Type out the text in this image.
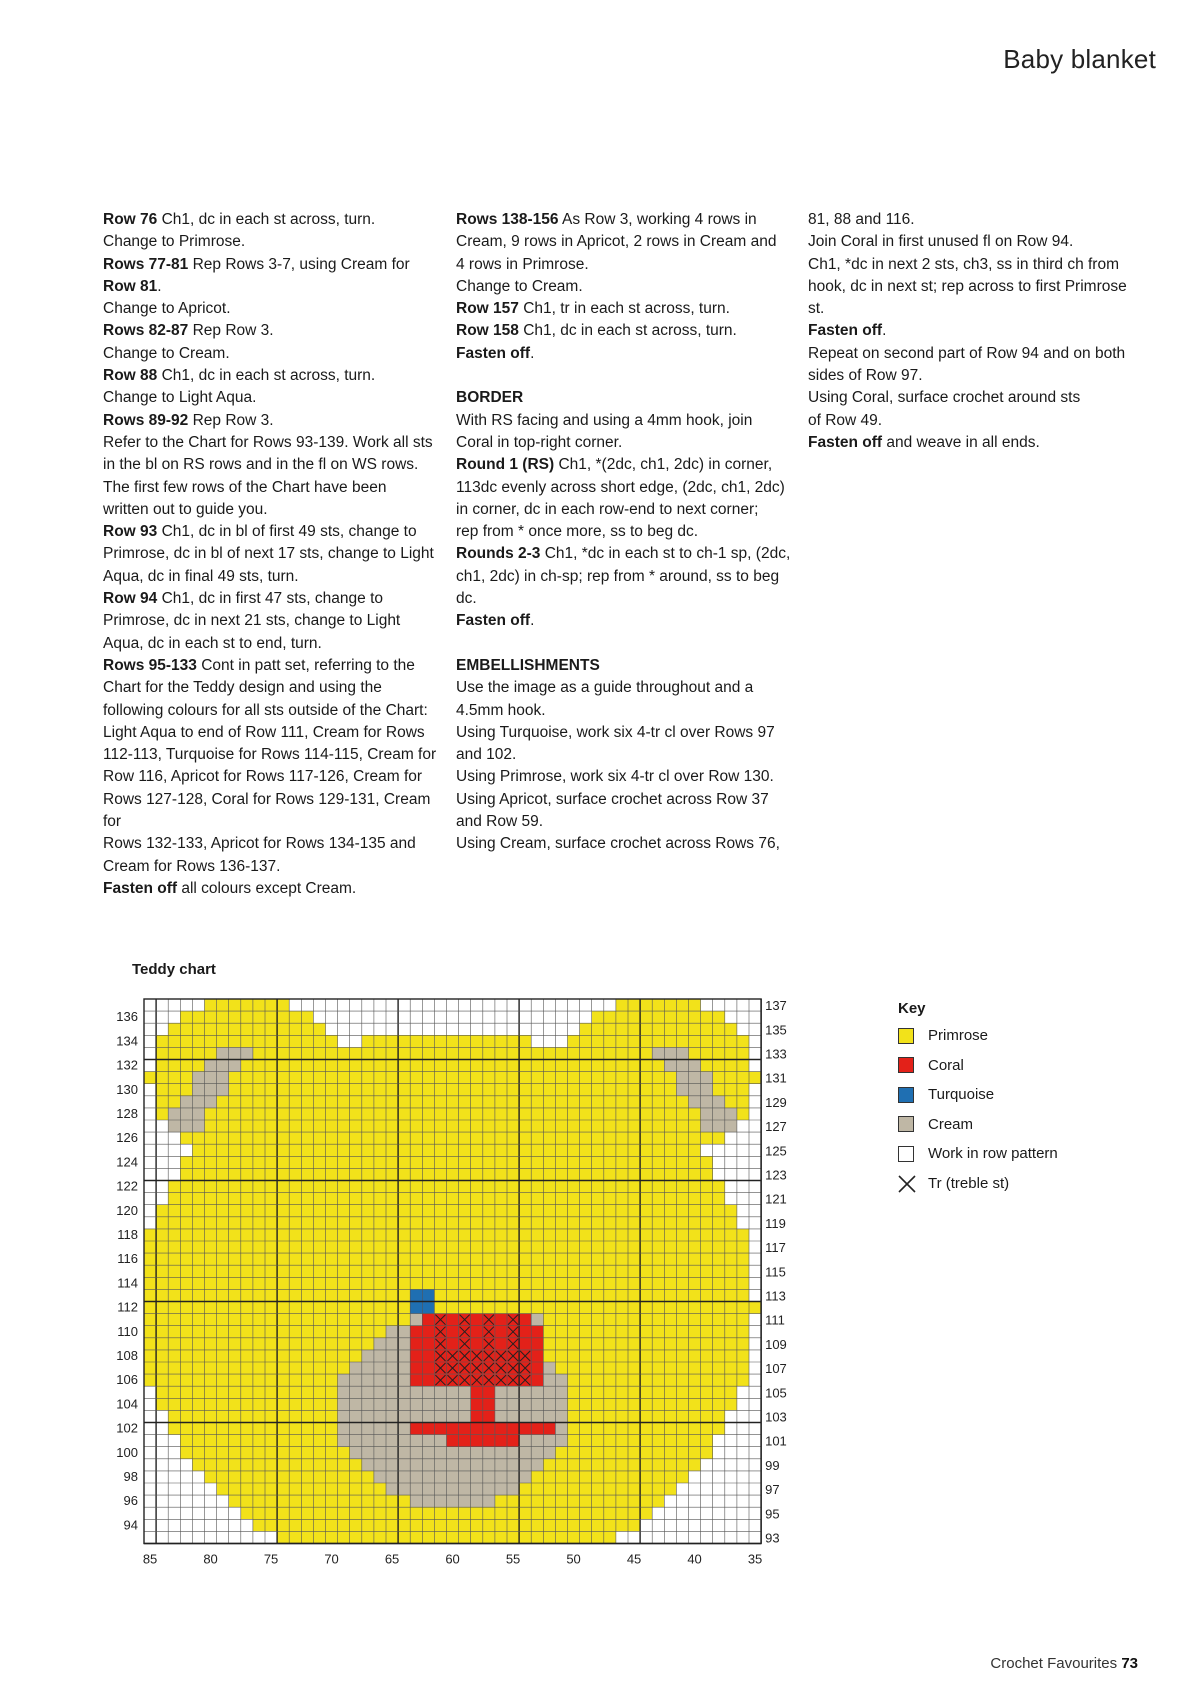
Baby blanket

Row 76 Ch1, dc in each st across, turn.

Change to Primrose.

Rows 77-81 Rep Rows 3-7, using Cream for

Row 81.

Change to Apricot.

Rows 82-87 Rep Row 3.

Change to Cream.

Row 88 Ch1, dc in each st across, turn.

Change to Light Aqua.

Rows 89-92 Rep Row 3.

Refer to the Chart for Rows 93-139. Work all sts

in the bl on RS rows and in the fl on WS rows.

The first few rows of the Chart have been

written out to guide you.

Row 93 Ch1, dc in bl of first 49 sts, change to

Primrose, dc in bl of next 17 sts, change to Light

Aqua, dc in final 49 sts, turn.

Row 94 Ch1, dc in first 47 sts, change to

Primrose, dc in next 21 sts, change to Light

Aqua, dc in each st to end, turn.

Rows 95-133 Cont in patt set, referring to the

Chart for the Teddy design and using the

following colours for all sts outside of the Chart:

Light Aqua to end of Row 111, Cream for Rows

112-113, Turquoise for Rows 114-115, Cream for

Row 116, Apricot for Rows 117-126, Cream for

Rows 127-128, Coral for Rows 129-131, Cream for

Rows 132-133, Apricot for Rows 134-135 and

Cream for Rows 136-137.

Fasten off all colours except Cream.

Rows 138-156 As Row 3, working 4 rows in

Cream, 9 rows in Apricot, 2 rows in Cream and

4 rows in Primrose.

Change to Cream.

Row 157 Ch1, tr in each st across, turn.

Row 158 Ch1, dc in each st across, turn.

Fasten off.

BORDER

With RS facing and using a 4mm hook, join

Coral in top-right corner.

Round 1 (RS) Ch1, *(2dc, ch1, 2dc) in corner,

113dc evenly across short edge, (2dc, ch1, 2dc)

in corner, dc in each row-end to next corner;

rep from * once more, ss to beg dc.

Rounds 2-3 Ch1, *dc in each st to ch-1 sp, (2dc,

ch1, 2dc) in ch-sp; rep from * around, ss to beg

dc.

Fasten off.

EMBELLISHMENTS

Use the image as a guide throughout and a

4.5mm hook.

Using Turquoise, work six 4-tr cl over Rows 97

and 102.

Using Primrose, work six 4-tr cl over Row 130.

Using Apricot, surface crochet across Row 37

and Row 59.

Using Cream, surface crochet across Rows 76,

81, 88 and 116.

Join Coral in first unused fl on Row 94.

Ch1, *dc in next 2 sts, ch3, ss in third ch from

hook, dc in next st; rep across to first Primrose

st.

Fasten off.

Repeat on second part of Row 94 and on both

sides of Row 97.

Using Coral, surface crochet around sts

of Row 49.

Fasten off and weave in all ends.

Teddy chart
136
134
132
130
128
126
124
122
120
118
116
114
112
110
108
106
104
102
100
98
96
94
137
135
133
131
129
127
125
123
121
119
117
115
113
111
109
107
105
103
101
99
97
95
93
85	80	75	70	65	60	55	50	45	40	35
Key
Primrose
Coral
Turquoise
Cream
Work in row pattern
Tr (treble st)
Crochet Favourites 73
